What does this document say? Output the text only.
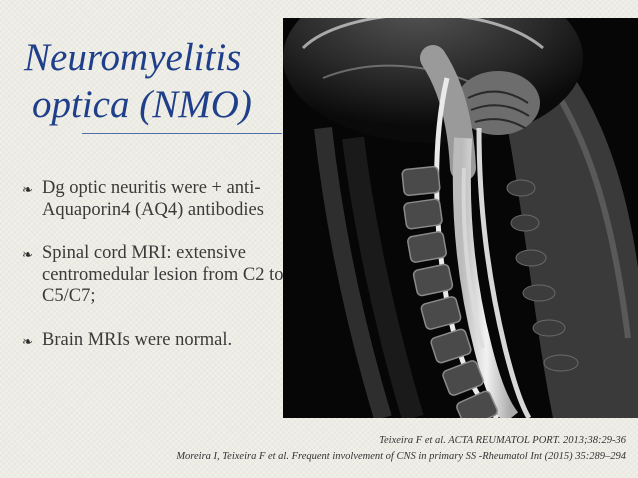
Neuromyelitis
optica (NMO)
❧ Dg optic neuritis were + anti- Aquaporin4 (AQ4) antibodies
❧ Spinal cord MRI: extensive centromedular lesion from C2 to C5/C7;
❧ Brain MRIs were normal.
Teixeira F et al. ACTA REUMATOL PORT. 2013;38:29-36
Moreira I, Teixeira F et al. Frequent involvement of CNS in primary SS -Rheumatol Int (2015) 35:289–294
